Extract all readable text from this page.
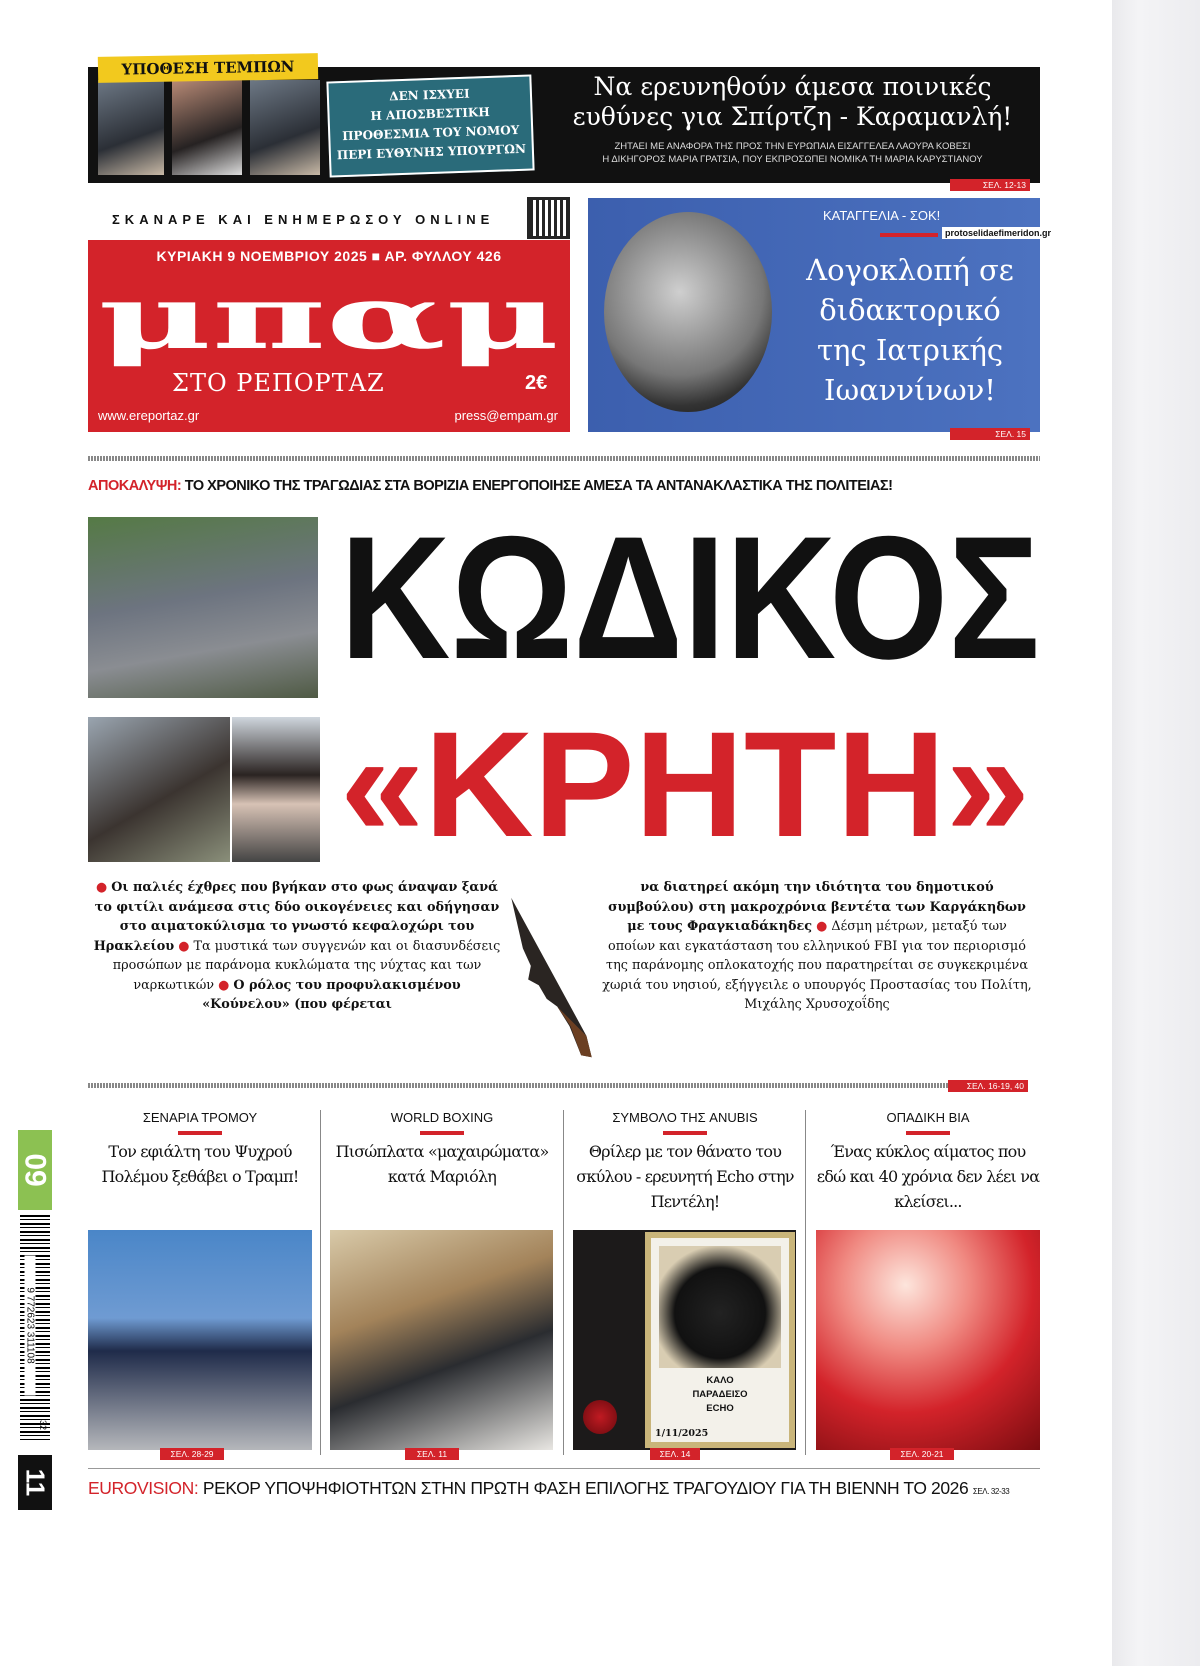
ΥΠΟΘΕΣΗ ΤΕΜΠΩΝ
ΔΕΝ ΙΣΧΥΕΙ
Η ΑΠΟΣΒΕΣΤΙΚΗ
ΠΡΟΘΕΣΜΙΑ ΤΟΥ ΝΟΜΟΥ
ΠΕΡΙ ΕΥΘΥΝΗΣ ΥΠΟΥΡΓΩΝ
Να ερευνηθούν άμεσα ποινικές
ευθύνες για Σπίρτζη - Καραμανλή!
ΖΗΤΑΕΙ ΜΕ ΑΝΑΦΟΡΑ ΤΗΣ ΠΡΟΣ ΤΗΝ ΕΥΡΩΠΑΙΑ ΕΙΣΑΓΓΕΛΕΑ ΛΑΟΥΡΑ ΚΟΒΕΣΙ
Η ΔΙΚΗΓΟΡΟΣ ΜΑΡΙΑ ΓΡΑΤΣΙΑ, ΠΟΥ ΕΚΠΡΟΣΩΠΕΙ ΝΟΜΙΚΑ ΤΗ ΜΑΡΙΑ ΚΑΡΥΣΤΙΑΝΟΥ
ΣΕΛ. 12-13
ΣΚΑΝΑΡΕ ΚΑΙ ΕΝΗΜΕΡΩΣΟΥ ONLINE
ΚΥΡΙΑΚΗ 9 ΝΟΕΜΒΡΙΟΥ 2025 ■ ΑΡ. ΦΥΛΛΟΥ 426
μπαμ
ΣΤΟ ΡΕΠΟΡΤΑΖ	2€
www.ereportaz.gr	press@empam.gr
ΚΑΤΑΓΓΕΛΙΑ - ΣΟΚ!
protoselidaefimeridon.gr
Λογοκλοπή σε
διδακτορικό
της Ιατρικής
Ιωαννίνων!
ΣΕΛ. 15
ΑΠΟΚΑΛΥΨΗ: ΤΟ ΧΡΟΝΙΚΟ ΤΗΣ ΤΡΑΓΩΔΙΑΣ ΣΤΑ ΒΟΡΙΖΙΑ ΕΝΕΡΓΟΠΟΙΗΣΕ ΑΜΕΣΑ ΤΑ ΑΝΤΑΝΑΚΛΑΣΤΙΚΑ ΤΗΣ ΠΟΛΙΤΕΙΑΣ!
ΚΩΔΙΚΟΣ
«ΚΡΗΤΗ»
● Οι παλιές έχθρες που βγήκαν στο φως άναψαν ξανά το φιτίλι ανάμεσα στις δύο οικογένειες και οδήγησαν στο αιματοκύλισμα το γνωστό κεφαλοχώρι του Ηρακλείου ● Τα μυστικά των συγγενών και οι διασυνδέσεις προσώπων με παράνομα κυκλώματα της νύχτας και των ναρκωτικών ● Ο ρόλος του προφυλακισμένου «Κούνελου» (που φέρεται
να διατηρεί ακόμη την ιδιότητα του δημοτικού συμβούλου) στη μακροχρόνια βεντέτα των Καργάκηδων με τους Φραγκιαδάκηδες ● Δέσμη μέτρων, μεταξύ των οποίων και εγκατάσταση του ελληνικού FBI για τον περιορισμό της παράνομης οπλοκατοχής που παρατηρείται σε συγκεκριμένα χωριά του νησιού, εξήγγειλε ο υπουργός Προστασίας του Πολίτη, Μιχάλης Χρυσοχοΐδης
ΣΕΛ. 16-19, 40
ΣΕΝΑΡΙΑ ΤΡΟΜΟΥ
Τον εφιάλτη του Ψυχρού Πολέμου ξεθάβει ο Τραμπ!
ΣΕΛ. 28-29
WORLD BOXING
Πισώπλατα «μαχαιρώματα» κατά Μαριόλη
ΣΕΛ. 11
ΣΥΜΒΟΛΟ ΤΗΣ ANUBIS
Θρίλερ με τον θάνατο του σκύλου - ερευνητή Echo στην Πεντέλη!
ΚΑΛΟ
ΠΑΡΑΔΕΙΣΟ
ECHO
1/11/2025
ΣΕΛ. 14
ΟΠΑΔΙΚΗ ΒΙΑ
Ένας κύκλος αίματος που εδώ και 40 χρόνια δεν λέει να κλείσει...
ΣΕΛ. 20-21
EUROVISION: ΡΕΚΟΡ ΥΠΟΨΗΦΙΟΤΗΤΩΝ ΣΤΗΝ ΠΡΩΤΗ ΦΑΣΗ ΕΠΙΛΟΓΗΣ ΤΡΑΓΟΥΔΙΟΥ ΓΙΑ ΤΗ ΒΙΕΝΝΗ ΤΟ 2026 ΣΕΛ. 32-33
09
9 772623 311108
32
11
